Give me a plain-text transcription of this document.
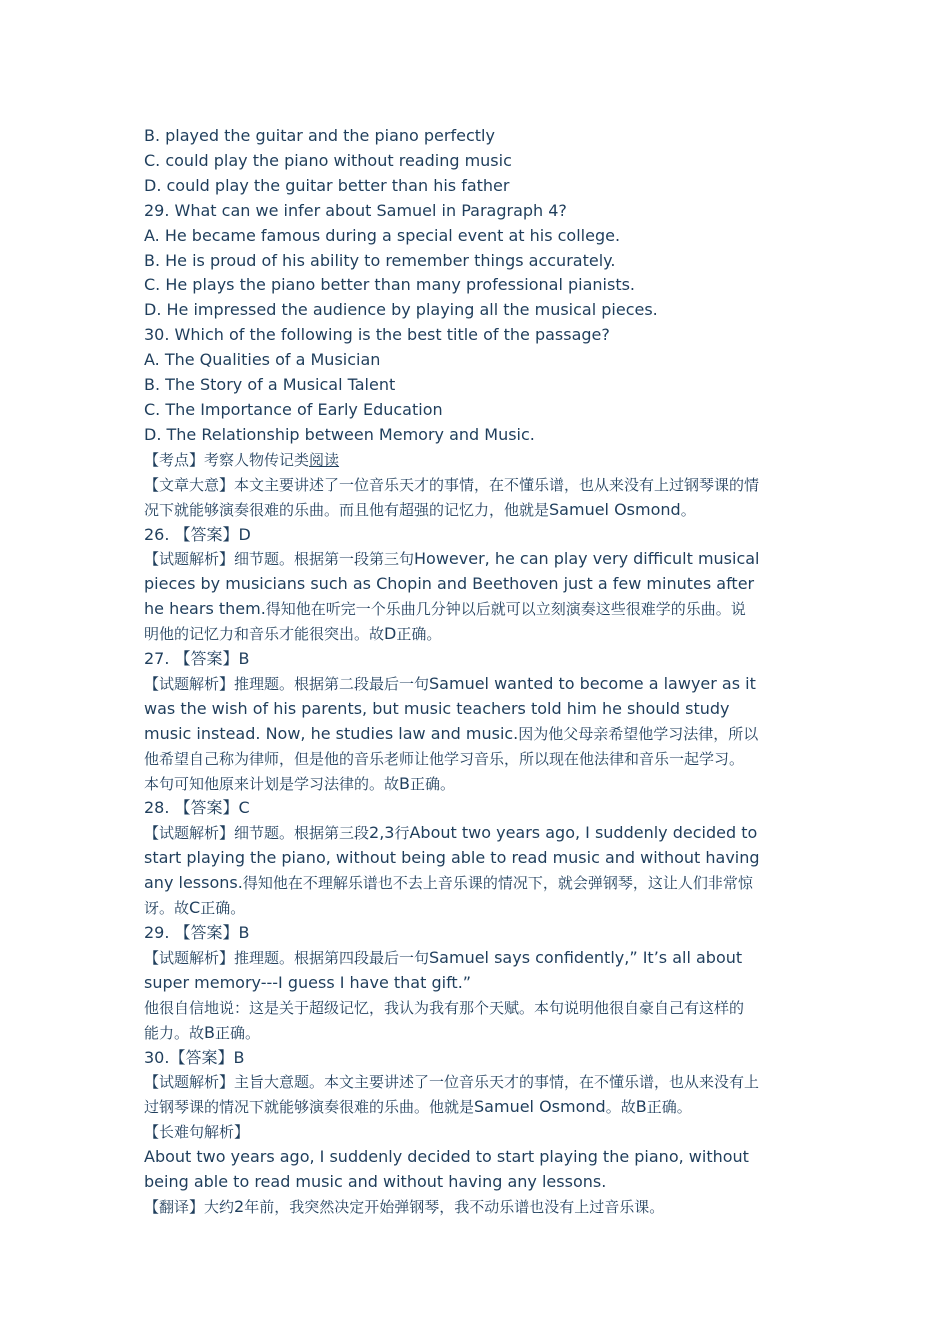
B. played the guitar and the piano perfectly
C. could play the piano without reading music
D. could play the guitar better than his father
29. What can we infer about Samuel in Paragraph 4?
A. He became famous during a special event at his college.
B. He is proud of his ability to remember things accurately.
C. He plays the piano better than many professional pianists.
D. He impressed the audience by playing all the musical pieces.
30. Which of the following is the best title of the passage?
A. The Qualities of a Musician
B. The Story of a Musical Talent
C. The Importance of Early Education
D. The Relationship between Memory and Music.
【考点】考察人物传记类阅读
【文章大意】本文主要讲述了一位音乐天才的事情，在不懂乐谱，也从来没有上过钢琴课的情
况下就能够演奏很难的乐曲。而且他有超强的记忆力，他就是Samuel Osmond。
26. 【答案】D
【试题解析】细节题。根据第一段第三句However, he can play very difficult musical
pieces by musicians such as Chopin and Beethoven just a few minutes after
he hears them.得知他在听完一个乐曲几分钟以后就可以立刻演奏这些很难学的乐曲。说
明他的记忆力和音乐才能很突出。故D正确。
27. 【答案】B
【试题解析】推理题。根据第二段最后一句Samuel wanted to become a lawyer as it
was the wish of his parents, but music teachers told him he should study
music instead. Now, he studies law and music.因为他父母亲希望他学习法律，所以
他希望自己称为律师，但是他的音乐老师让他学习音乐，所以现在他法律和音乐一起学习。
本句可知他原来计划是学习法律的。故B正确。
28. 【答案】C
【试题解析】细节题。根据第三段2,3行About two years ago, I suddenly decided to
start playing the piano, without being able to read music and without having
any lessons.得知他在不理解乐谱也不去上音乐课的情况下，就会弹钢琴，这让人们非常惊
讶。故C正确。
29. 【答案】B
【试题解析】推理题。根据第四段最后一句Samuel says confidently,” It’s all about
super memory---I guess I have that gift.”
他很自信地说：这是关于超级记忆，我认为我有那个天赋。本句说明他很自豪自己有这样的
能力。故B正确。
30.【答案】B
【试题解析】主旨大意题。本文主要讲述了一位音乐天才的事情，在不懂乐谱，也从来没有上
过钢琴课的情况下就能够演奏很难的乐曲。他就是Samuel Osmond。故B正确。
【长难句解析】
About two years ago, I suddenly decided to start playing the piano, without
being able to read music and without having any lessons.
【翻译】大约2年前，我突然决定开始弹钢琴，我不动乐谱也没有上过音乐课。
